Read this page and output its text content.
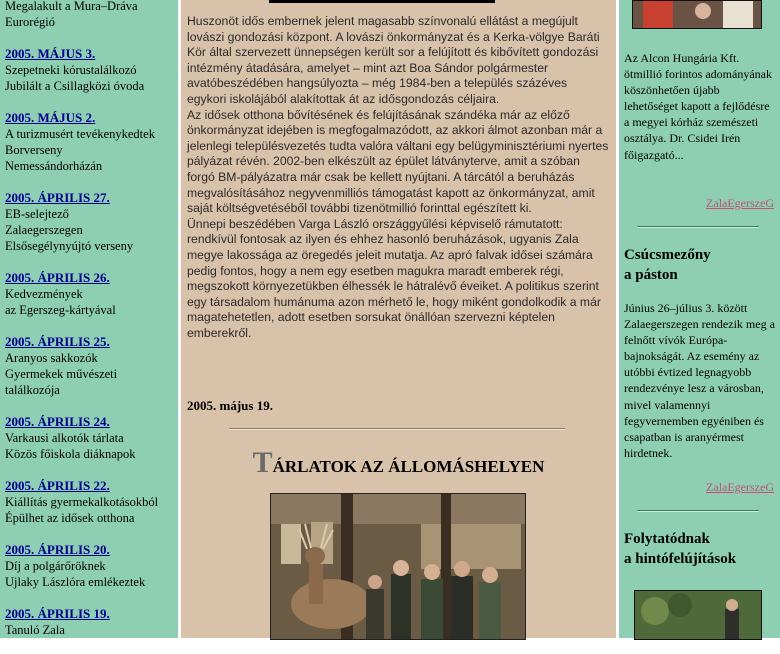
Megalakult a Mura–Dráva
Eurorégió
2005. MÁJUS 3.
Szepetneki kórustalálkozó
Jubilált a Csillagközi óvoda
2005. MÁJUS 2.
A turizmusért tevékenykedtek
Borverseny
Nemessándorházán
2005. ÁPRILIS 27.
EB-selejtező
Zalaegerszegen
Elsősegélynyújtó verseny
2005. ÁPRILIS 26.
Kedvezmények
az Egerszeg-kártyával
2005. ÁPRILIS 25.
Aranyos sakkozók
Gyermekek művészeti
találkozója
2005. ÁPRILIS 24.
Varkausi alkotók tárlata
Közös főiskola diáknapok
2005. ÁPRILIS 22.
Kiállítás gyermekalkotásokból
Épülhet az idősek otthona
2005. ÁPRILIS 20.
Díj a polgárőröknek
Ujlaky Lászlóra emlékeztek
2005. ÁPRILIS 19.
Tanuló Zala

Huszonöt idős embernek jelent magasabb színvonalú ellátást a megújult lovászi gondozási központ. A lovászi önkormányzat és a Kerka-völgye Baráti Kör által szervezett ünnepségen került sor a felújított és kibővített gondozási intézmény átadására, amelyet – mint azt Boa Sándor polgármester avatóbeszédében hangsúlyozta – még 1984-ben a település százéves egykori iskolájából alakítottak át az idősgondozás céljaira.

Az idősek otthona bővítésének és felújításának szándéka már az előző önkormányzat idejében is megfogalmazódott, az akkori álmot azonban már a jelenlegi településvezetés tudta valóra váltani egy belügyminisztériumi nyertes pályázat révén. 2002-ben elkészült az épület látványterve, amit a szóban forgó BM-pályázatra már csak be kellett nyújtani. A tárcától a beruházás megvalósításához negyvenmilliós támogatást kapott az önkormányzat, amit saját költségvetéséből további tizenötmillió forinttal egészített ki.

Ünnepi beszédében Varga László országgyűlési képviselő rámutatott: rendkívül fontosak az ilyen és ehhez hasonló beruházások, ugyanis Zala megye lakossága az öregedés jeleit mutatja. Az apró falvak idősei számára pedig fontos, hogy a nem egy esetben magukra maradt emberek régi, megszokott környezetükben élhessék le hátralévő éveiket. A politikus szerint egy társadalom humánuma azon mérhető le, hogy miként gondolkodik a már magatehetetlen, adott esetben sorsukat önállóan szervezni képtelen emberekről.

2005. május 19.
TÁRLATOK AZ ÁLLOMÁSHELYEN
Az Alcon Hungária Kft. ötmillió forintos adományának köszönhetően újabb lehetőséget kapott a fejlődésre a megyei kórház szemészeti osztálya. Dr. Csidei Irén főigazgató...
ZalaEgerszeG
Csúcsmezőny
a páston
Június 26–július 3. között Zalaegerszegen rendezik meg a felnőtt vívók Európa-bajnokságát. Az esemény az utóbbi évtized legnagyobb rendezvénye lesz a városban, mivel valamennyi fegyvernemben egyéniben és csapatban is aranyérmest hirdetnek.
ZalaEgerszeG
Folytatódnak
a hintófelújítások
